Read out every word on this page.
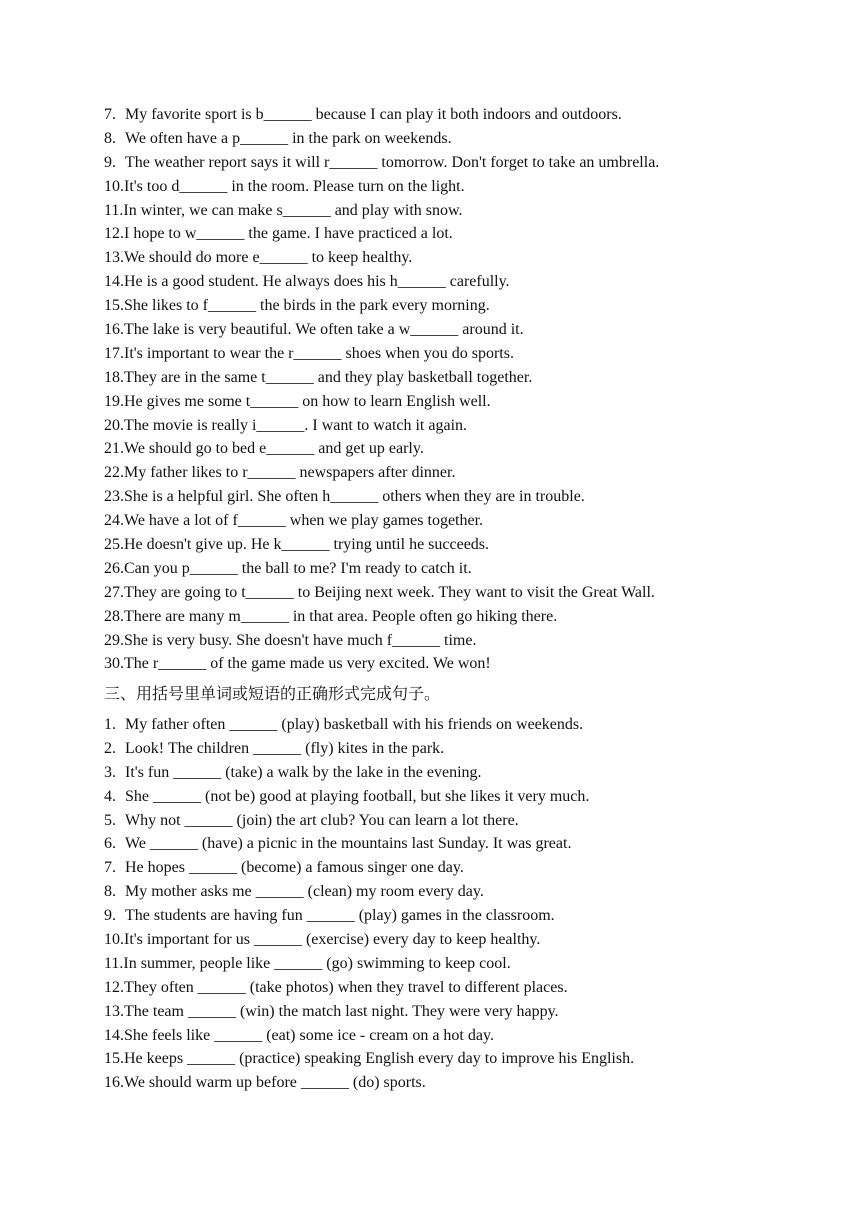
7. My favorite sport is b______ because I can play it both indoors and outdoors.
8. We often have a p______ in the park on weekends.
9. The weather report says it will r______ tomorrow. Don't forget to take an umbrella.
10. It's too d______ in the room. Please turn on the light.
11. In winter, we can make s______ and play with snow.
12. I hope to w______ the game. I have practiced a lot.
13. We should do more e______ to keep healthy.
14. He is a good student. He always does his h______ carefully.
15. She likes to f______ the birds in the park every morning.
16. The lake is very beautiful. We often take a w______ around it.
17. It's important to wear the r______ shoes when you do sports.
18. They are in the same t______ and they play basketball together.
19. He gives me some t______ on how to learn English well.
20. The movie is really i______. I want to watch it again.
21. We should go to bed e______ and get up early.
22. My father likes to r______ newspapers after dinner.
23. She is a helpful girl. She often h______ others when they are in trouble.
24. We have a lot of f______ when we play games together.
25. He doesn't give up. He k______ trying until he succeeds.
26. Can you p______ the ball to me? I'm ready to catch it.
27. They are going to t______ to Beijing next week. They want to visit the Great Wall.
28. There are many m______ in that area. People often go hiking there.
29. She is very busy. She doesn't have much f______ time.
30. The r______ of the game made us very excited. We won!
三、用括号里单词或短语的正确形式完成句子。
1. My father often ______ (play) basketball with his friends on weekends.
2. Look! The children ______ (fly) kites in the park.
3. It's fun ______ (take) a walk by the lake in the evening.
4. She ______ (not be) good at playing football, but she likes it very much.
5. Why not ______ (join) the art club? You can learn a lot there.
6. We ______ (have) a picnic in the mountains last Sunday. It was great.
7. He hopes ______ (become) a famous singer one day.
8. My mother asks me ______ (clean) my room every day.
9. The students are having fun ______ (play) games in the classroom.
10. It's important for us ______ (exercise) every day to keep healthy.
11. In summer, people like ______ (go) swimming to keep cool.
12. They often ______ (take photos) when they travel to different places.
13. The team ______ (win) the match last night. They were very happy.
14. She feels like ______ (eat) some ice - cream on a hot day.
15. He keeps ______ (practice) speaking English every day to improve his English.
16. We should warm up before ______ (do) sports.
